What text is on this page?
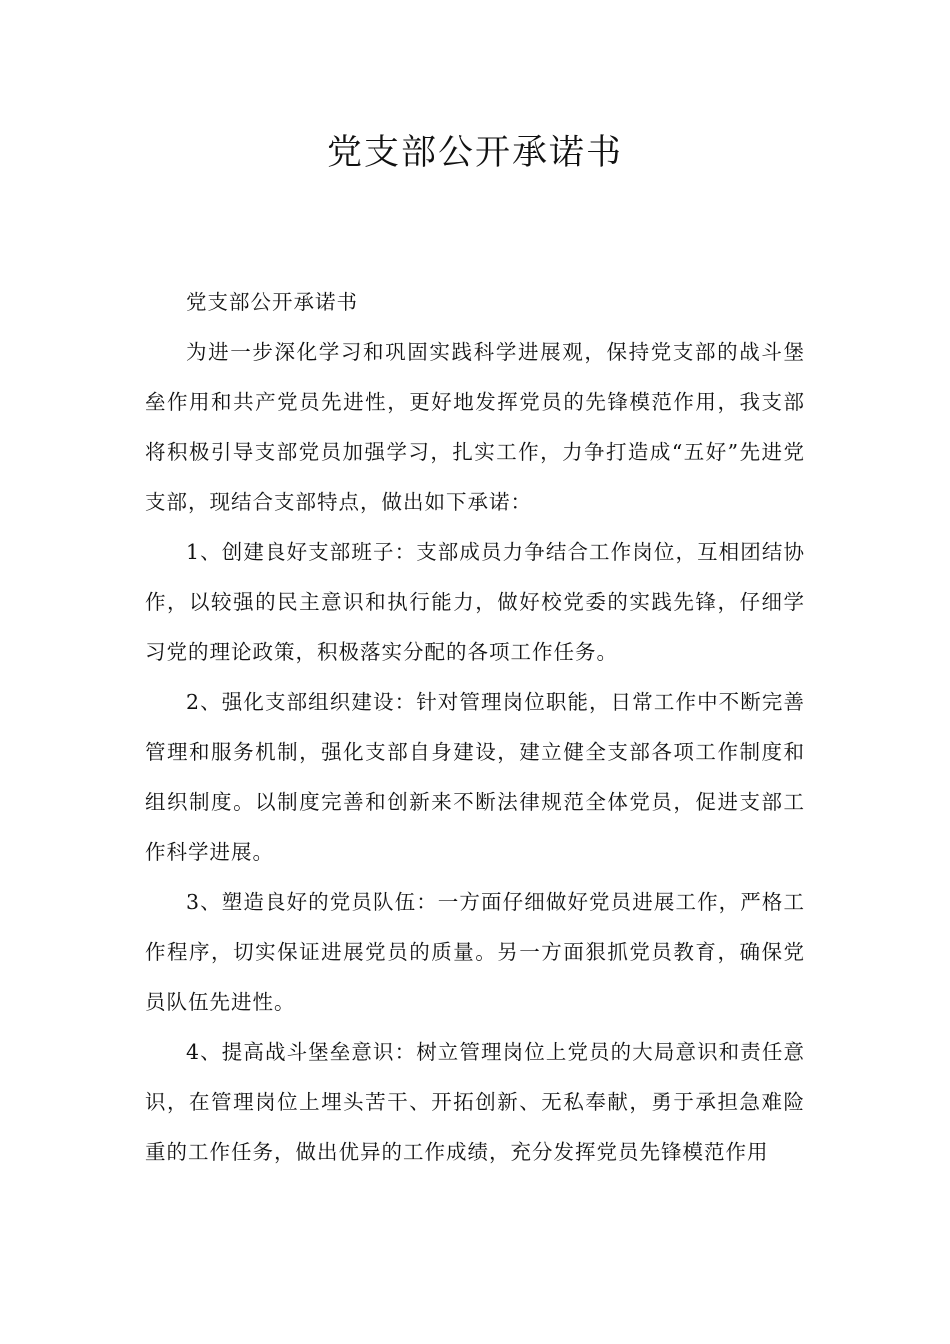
党支部公开承诺书

党支部公开承诺书

为进一步深化学习和巩固实践科学进展观，保持党支部的战斗堡垒作用和共产党员先进性，更好地发挥党员的先锋模范作用，我支部将积极引导支部党员加强学习，扎实工作，力争打造成“五好”先进党支部，现结合支部特点，做出如下承诺：

1、创建良好支部班子：支部成员力争结合工作岗位，互相团结协作，以较强的民主意识和执行能力，做好校党委的实践先锋，仔细学习党的理论政策，积极落实分配的各项工作任务。

2、强化支部组织建设：针对管理岗位职能，日常工作中不断完善管理和服务机制，强化支部自身建设，建立健全支部各项工作制度和组织制度。以制度完善和创新来不断法律规范全体党员，促进支部工作科学进展。

3、塑造良好的党员队伍：一方面仔细做好党员进展工作，严格工作程序，切实保证进展党员的质量。另一方面狠抓党员教育，确保党员队伍先进性。

4、提高战斗堡垒意识：树立管理岗位上党员的大局意识和责任意识，在管理岗位上埋头苦干、开拓创新、无私奉献，勇于承担急难险重的工作任务，做出优异的工作成绩，充分发挥党员先锋模范作用
